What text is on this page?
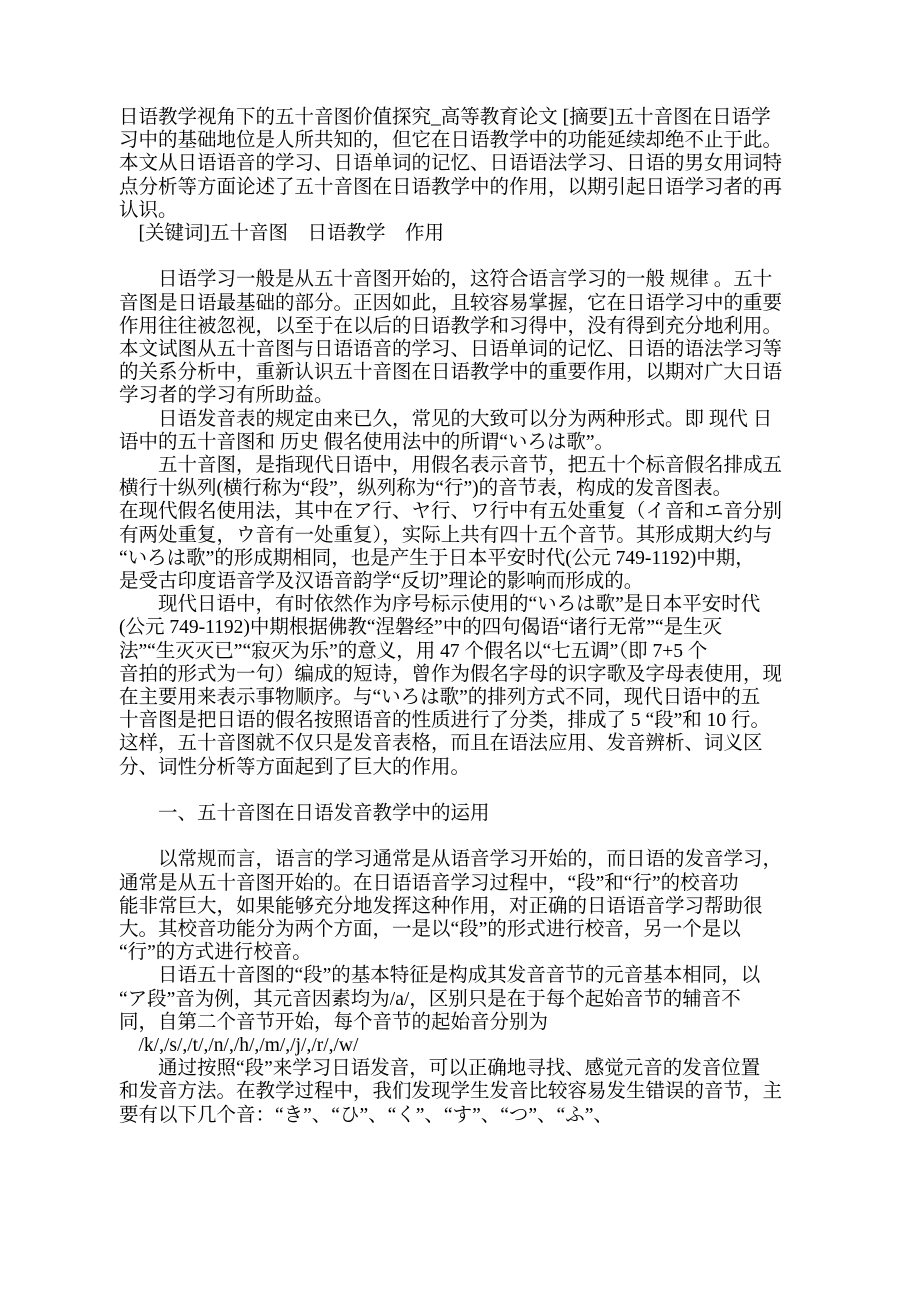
日语教学视角下的五十音图价值探究_高等教育论文 [摘要]五十音图在日语学
习中的基础地位是人所共知的，但它在日语教学中的功能延续却绝不止于此。
本文从日语语音的学习、日语单词的记忆、日语语法学习、日语的男女用词特
点分析等方面论述了五十音图在日语教学中的作用，以期引起日语学习者的再
认识。
　[关键词]五十音图　日语教学　作用
　　日语学习一般是从五十音图开始的，这符合语言学习的一般 规律 。五十
音图是日语最基础的部分。正因如此，且较容易掌握，它在日语学习中的重要
作用往往被忽视，以至于在以后的日语教学和习得中，没有得到充分地利用。
本文试图从五十音图与日语语音的学习、日语单词的记忆、日语的语法学习等
的关系分析中，重新认识五十音图在日语教学中的重要作用，以期对广大日语
学习者的学习有所助益。
　　日语发音表的规定由来已久，常见的大致可以分为两种形式。即 现代 日
语中的五十音图和 历史 假名使用法中的所谓“いろは歌”。
　　五十音图，是指现代日语中，用假名表示音节，把五十个标音假名排成五
横行十纵列(横行称为“段”，纵列称为“行”)的音节表，构成的发音图表。
在现代假名使用法，其中在ア行、ヤ行、ワ行中有五处重复（イ音和エ音分别
有两处重复，ウ音有一处重复），实际上共有四十五个音节。其形成期大约与
“いろは歌”的形成期相同，也是产生于日本平安时代(公元 749-1192)中期，
是受古印度语音学及汉语音韵学“反切”理论的影响而形成的。
　　现代日语中，有时依然作为序号标示使用的“いろは歌”是日本平安时代
(公元 749-1192)中期根据佛教“涅磐经”中的四句偈语“诸行无常”“是生灭
法”“生灭灭已”“寂灭为乐”的意义，用 47 个假名以“七五调”（即 7+5 个
音拍的形式为一句）编成的短诗，曾作为假名字母的识字歌及字母表使用，现
在主要用来表示事物顺序。与“いろは歌”的排列方式不同，现代日语中的五
十音图是把日语的假名按照语音的性质进行了分类，排成了 5 “段”和 10 行。
这样，五十音图就不仅只是发音表格，而且在语法应用、发音辨析、词义区
分、词性分析等方面起到了巨大的作用。
　　一、五十音图在日语发音教学中的运用
　　以常规而言，语言的学习通常是从语音学习开始的，而日语的发音学习，
通常是从五十音图开始的。在日语语音学习过程中，“段”和“行”的校音功
能非常巨大，如果能够充分地发挥这种作用，对正确的日语语音学习帮助很
大。其校音功能分为两个方面，一是以“段”的形式进行校音，另一个是以
“行”的方式进行校音。
　　日语五十音图的“段”的基本特征是构成其发音音节的元音基本相同，以
“ア段”音为例，其元音因素均为/a/，区别只是在于每个起始音节的辅音不
同，自第二个音节开始，每个音节的起始音分别为
　/k/,/s/,/t/,/n/,/h/,/m/,/j/,/r/,/w/
　　通过按照“段”来学习日语发音，可以正确地寻找、感觉元音的发音位置
和发音方法。在教学过程中，我们发现学生发音比较容易发生错误的音节，主
要有以下几个音：“き”、“ひ”、“く”、“す”、“つ”、“ふ”、
